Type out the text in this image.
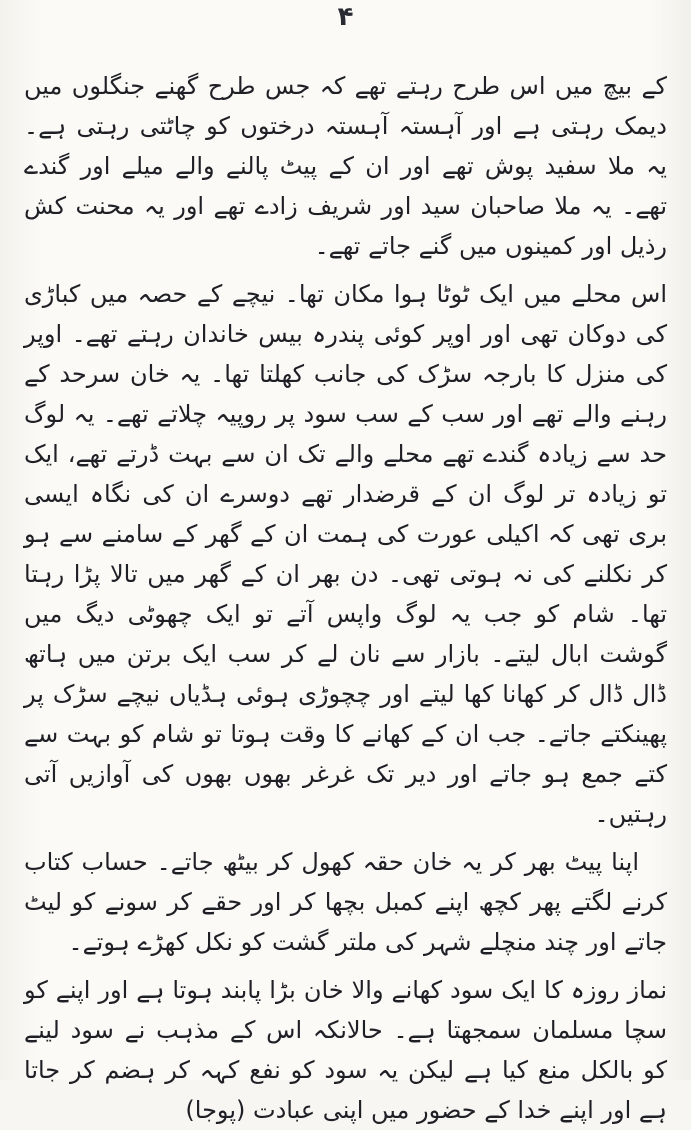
۴

کے بیچ میں اس طرح رہتے تھے کہ جس طرح گھنے جنگلوں میں دیمک رہتی ہے اور آہستہ آہستہ درختوں کو چاٹتی رہتی ہے۔ یہ ملا سفید پوش تھے اور ان کے پیٹ پالنے والے میلے اور گندے تھے۔ یہ ملا صاحبان سید اور شریف زادے تھے اور یہ محنت کش رذیل اور کمینوں میں گنے جاتے تھے۔

اس محلے میں ایک ٹوٹا ہوا مکان تھا۔ نیچے کے حصہ میں کباڑی کی دوکان تھی اور اوپر کوئی پندرہ بیس خاندان رہتے تھے۔ اوپر کی منزل کا بارجہ سڑک کی جانب کھلتا تھا۔ یہ خان سرحد کے رہنے والے تھے اور سب کے سب سود پر روپیہ چلاتے تھے۔ یہ لوگ حد سے زیادہ گندے تھے محلے والے تک ان سے بہت ڈرتے تھے، ایک تو زیادہ تر لوگ ان کے قرضدار تھے دوسرے ان کی نگاہ ایسی بری تھی کہ اکیلی عورت کی ہمت ان کے گھر کے سامنے سے ہو کر نکلنے کی نہ ہوتی تھی۔ دن بھر ان کے گھر میں تالا پڑا رہتا تھا۔ شام کو جب یہ لوگ واپس آتے تو ایک چھوٹی دیگ میں گوشت ابال لیتے۔ بازار سے نان لے کر سب ایک برتن میں ہاتھ ڈال ڈال کر کھانا کھا لیتے اور چچوڑی ہوئی ہڈیاں نیچے سڑک پر پھینکتے جاتے۔ جب ان کے کھانے کا وقت ہوتا تو شام کو بہت سے کتے جمع ہو جاتے اور دیر تک غرغر بھوں بھوں کی آوازیں آتی رہتیں۔

اپنا پیٹ بھر کر یہ خان حقہ کھول کر بیٹھ جاتے۔ حساب کتاب کرنے لگتے پھر کچھ اپنے کمبل بچھا کر اور حقے کر سونے کو لیٹ جاتے اور چند منچلے شہر کی ملتر گشت کو نکل کھڑے ہوتے۔

نماز روزہ کا ایک سود کھانے والا خان بڑا پابند ہوتا ہے اور اپنے کو سچا مسلمان سمجھتا ہے۔ حالانکہ اس کے مذہب نے سود لینے کو بالکل منع کیا ہے لیکن یہ سود کو نفع کہہ کر ہضم کر جاتا ہے اور اپنے خدا کے حضور میں اپنی عبادت (پوجا)
